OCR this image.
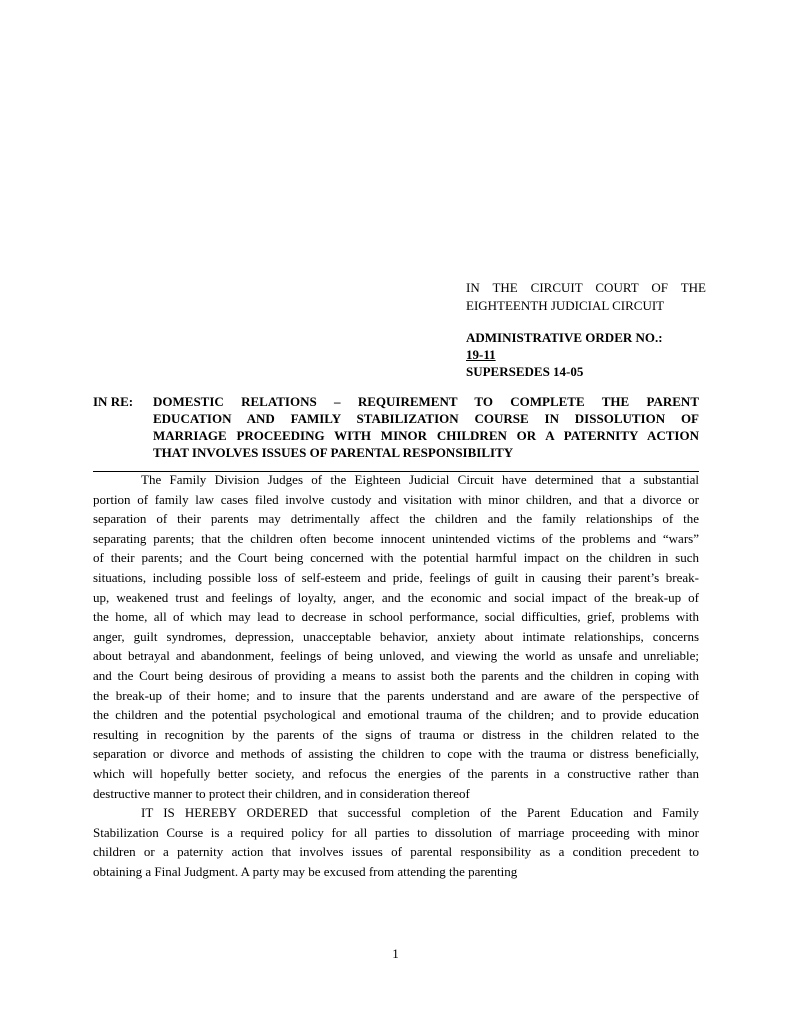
IN THE CIRCUIT COURT OF THE
EIGHTEENTH JUDICIAL CIRCUIT
ADMINISTRATIVE ORDER NO.:
19-11
SUPERSEDES 14-05
IN RE: DOMESTIC RELATIONS – REQUIREMENT TO COMPLETE THE PARENT
EDUCATION AND FAMILY STABILIZATION COURSE IN DISSOLUTION OF
MARRIAGE PROCEEDING WITH MINOR CHILDREN OR A PATERNITY ACTION
THAT INVOLVES ISSUES OF PARENTAL RESPONSIBILITY
The Family Division Judges of the Eighteen Judicial Circuit have determined that a substantial
portion of family law cases filed involve custody and visitation with minor children, and that a divorce or
separation of their parents may detrimentally affect the children and the family relationships of the
separating parents; that the children often become innocent unintended victims of the problems and “wars”
of their parents; and the Court being concerned with the potential harmful impact on the children in such
situations, including possible loss of self-esteem and pride, feelings of guilt in causing their parent’s break-
up, weakened trust and feelings of loyalty, anger, and the economic and social impact of the break-up of
the home, all of which may lead to decrease in school performance, social difficulties, grief, problems with
anger, guilt syndromes, depression, unacceptable behavior, anxiety about intimate relationships, concerns
about betrayal and abandonment, feelings of being unloved, and viewing the world as unsafe and unreliable;
and the Court being desirous of providing a means to assist both the parents and the children in coping with
the break-up of their home; and to insure that the parents understand and are aware of the perspective of
the children and the potential psychological and emotional trauma of the children; and to provide education
resulting in recognition by the parents of the signs of trauma or distress in the children related to the
separation or divorce and methods of assisting the children to cope with the trauma or distress beneficially,
which will hopefully better society, and refocus the energies of the parents in a constructive rather than
destructive manner to protect their children, and in consideration thereof
IT IS HEREBY ORDERED that successful completion of the Parent Education and Family
Stabilization Course is a required policy for all parties to dissolution of marriage proceeding with minor
children or a paternity action that involves issues of parental responsibility as a condition precedent to
obtaining a Final Judgment. A party may be excused from attending the parenting
1
